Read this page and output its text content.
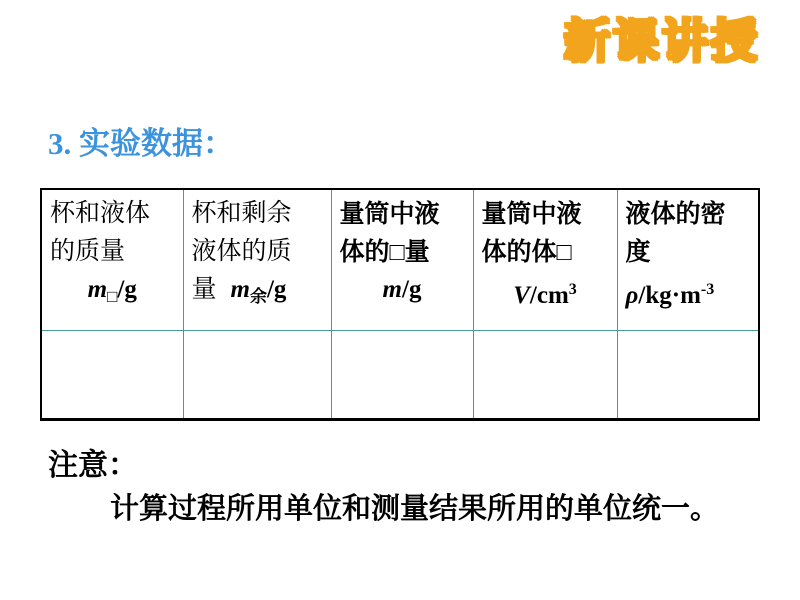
新课讲授
3. 实验数据：
杯和液体
的质量
$m_□/g$

杯和剩余
液体的质
量 $m_余/g$

量筒中液
体的□量
m/g

量筒中液
体的体□
$V/cm^3$

液体的密
度
$\rho/kg\cdot m^{-3}$

注意：
计算过程所用单位和测量结果所用的单位统一。
